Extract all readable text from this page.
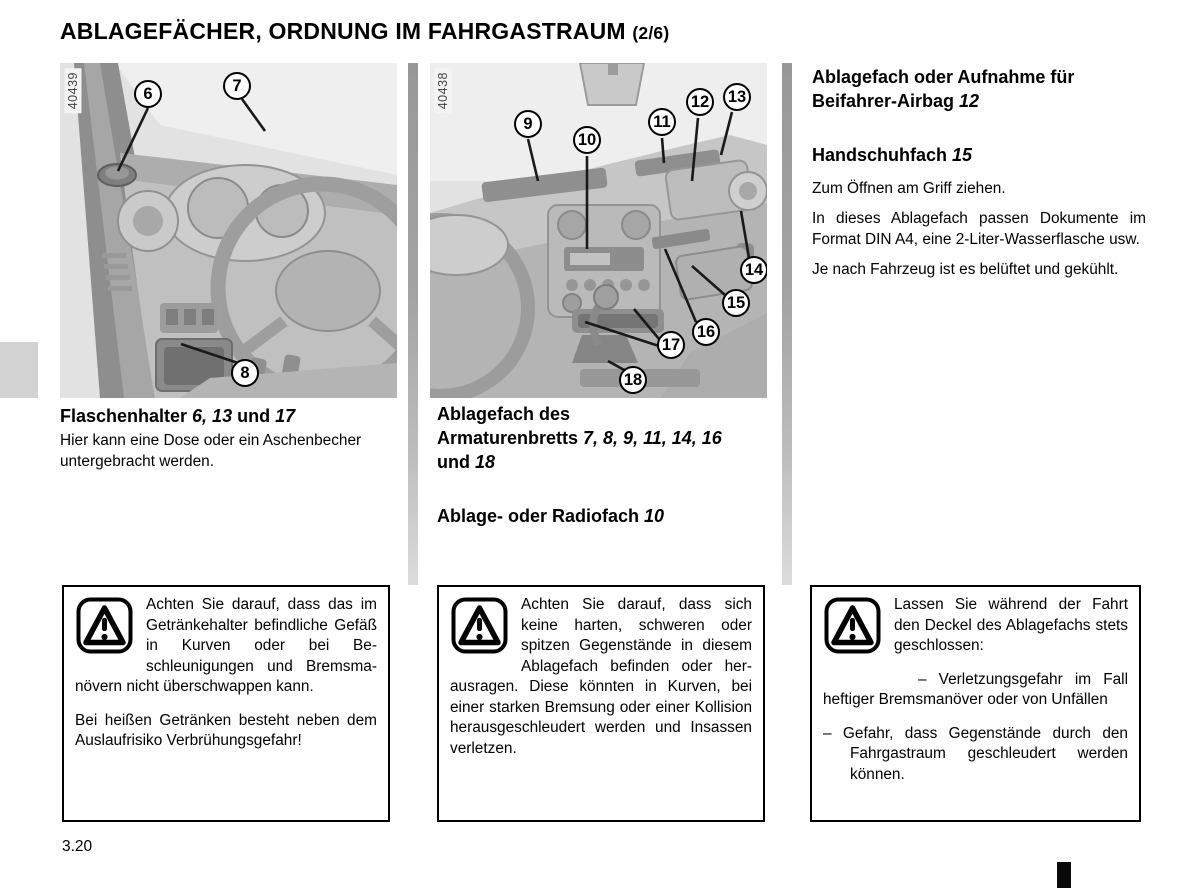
ABLAGEFÄCHER, ORDNUNG IM FAHRGASTRAUM (2/6)
40439	6	7
8
40438
9
10
11
12 13
14
15
16
17
18
Flaschenhalter 6, 13 und 17

Hier kann eine Dose oder ein Aschenbecher untergebracht werden.

Ablagefach des
Armaturenbretts 7, 8, 9, 11, 14, 16
und 18
Ablage- oder Radiofach 10
Ablagefach oder Aufnahme für
Beifahrer-Airbag 12
Handschuhfach 15

Zum Öffnen am Griff ziehen.

In dieses Ablagefach passen Dokumente im Format DIN A4, eine 2-Liter-Wasserflasche usw.

Je nach Fahrzeug ist es belüftet und gekühlt.

Achten Sie darauf, dass das im Getränkehalter befindliche Gefäß in Kurven oder bei Beschleunigungen und Bremsmanövern nicht überschwappen kann.

Bei heißen Getränken besteht neben dem Auslaufrisiko Verbrühungsgefahr!

Achten Sie darauf, dass sich keine harten, schweren oder spitzen Gegenstände in diesem Ablagefach befinden oder herausragen. Diese könnten in Kurven, bei einer starken Bremsung oder einer Kollision herausgeschleudert werden und Insassen verletzen.

Lassen Sie während der Fahrt den Deckel des Ablagefachs stets geschlossen:

– Verletzungsgefahr im Fall heftiger Bremsmanöver oder von Unfällen

– Gefahr, dass Gegenstände durch den Fahrgastraum geschleudert werden können.

3.20
